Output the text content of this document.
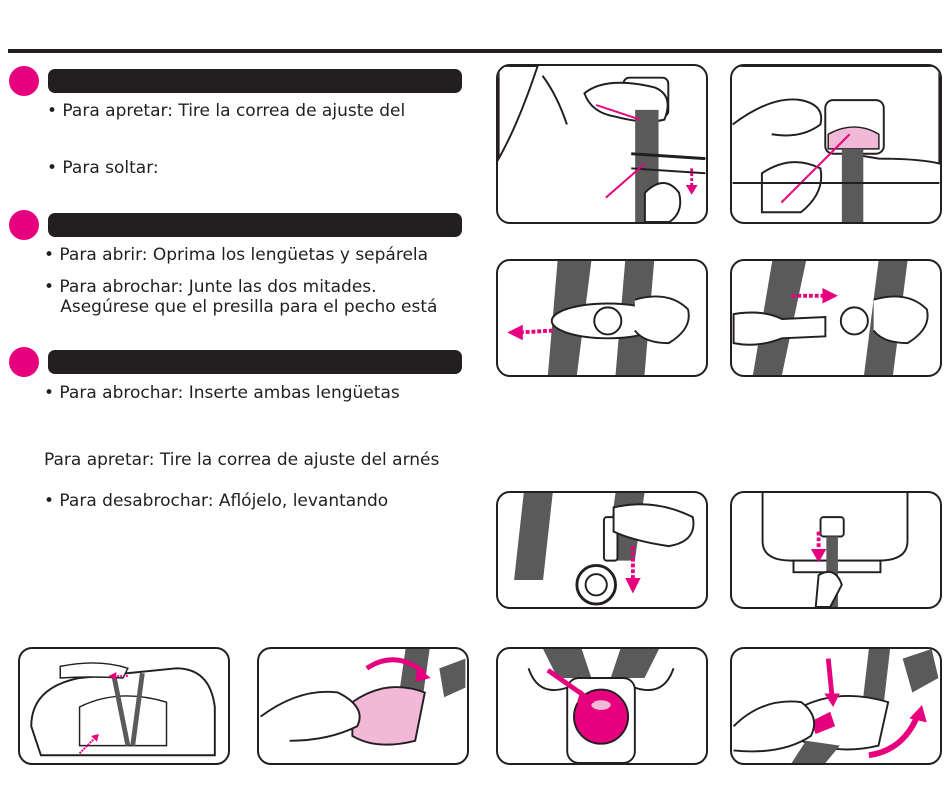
• Para apretar: Tire la correa de ajuste del
• Para soltar:
• Para abrir: Oprima los lengüetas y sepárela
• Para abrochar: Junte las dos mitades.
Asegúrese que el presilla para el pecho está
• Para abrochar: Inserte ambas lengüetas
Para apretar: Tire la correa de ajuste del arnés
• Para desabrochar: Aflójelo, levantando
